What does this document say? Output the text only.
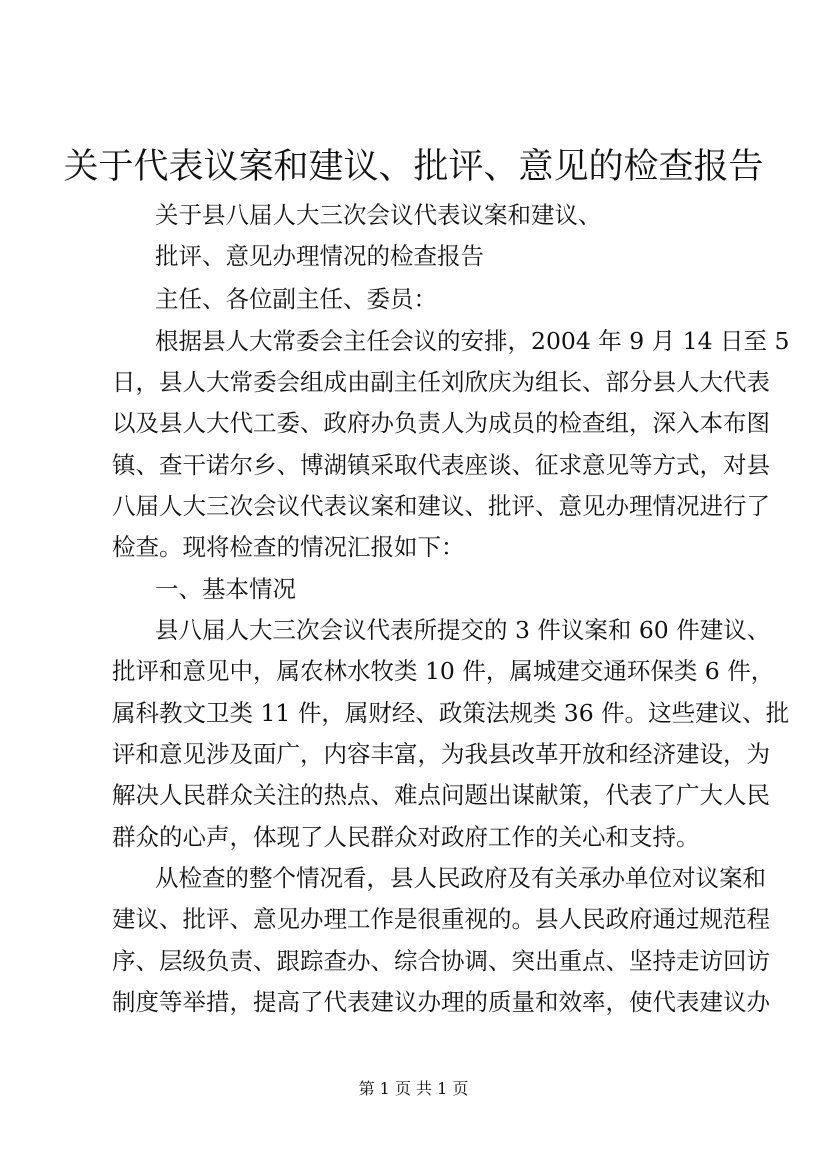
关于代表议案和建议、批评、意见的检查报告
关于县八届人大三次会议代表议案和建议、
批评、意见办理情况的检查报告
主任、各位副主任、委员：
根据县人大常委会主任会议的安排，2004 年 9 月 14 日至 5
日，县人大常委会组成由副主任刘欣庆为组长、部分县人大代表
以及县人大代工委、政府办负责人为成员的检查组，深入本布图
镇、查干诺尔乡、博湖镇采取代表座谈、征求意见等方式，对县
八届人大三次会议代表议案和建议、批评、意见办理情况进行了
检查。现将检查的情况汇报如下：
一、基本情况
县八届人大三次会议代表所提交的 3 件议案和 60 件建议、
批评和意见中，属农林水牧类 10 件，属城建交通环保类 6 件，
属科教文卫类 11 件，属财经、政策法规类 36 件。这些建议、批
评和意见涉及面广，内容丰富，为我县改革开放和经济建设，为
解决人民群众关注的热点、难点问题出谋献策，代表了广大人民
群众的心声，体现了人民群众对政府工作的关心和支持。
从检查的整个情况看，县人民政府及有关承办单位对议案和
建议、批评、意见办理工作是很重视的。县人民政府通过规范程
序、层级负责、跟踪查办、综合协调、突出重点、坚持走访回访
制度等举措，提高了代表建议办理的质量和效率，使代表建议办
第 1 页 共 1 页
